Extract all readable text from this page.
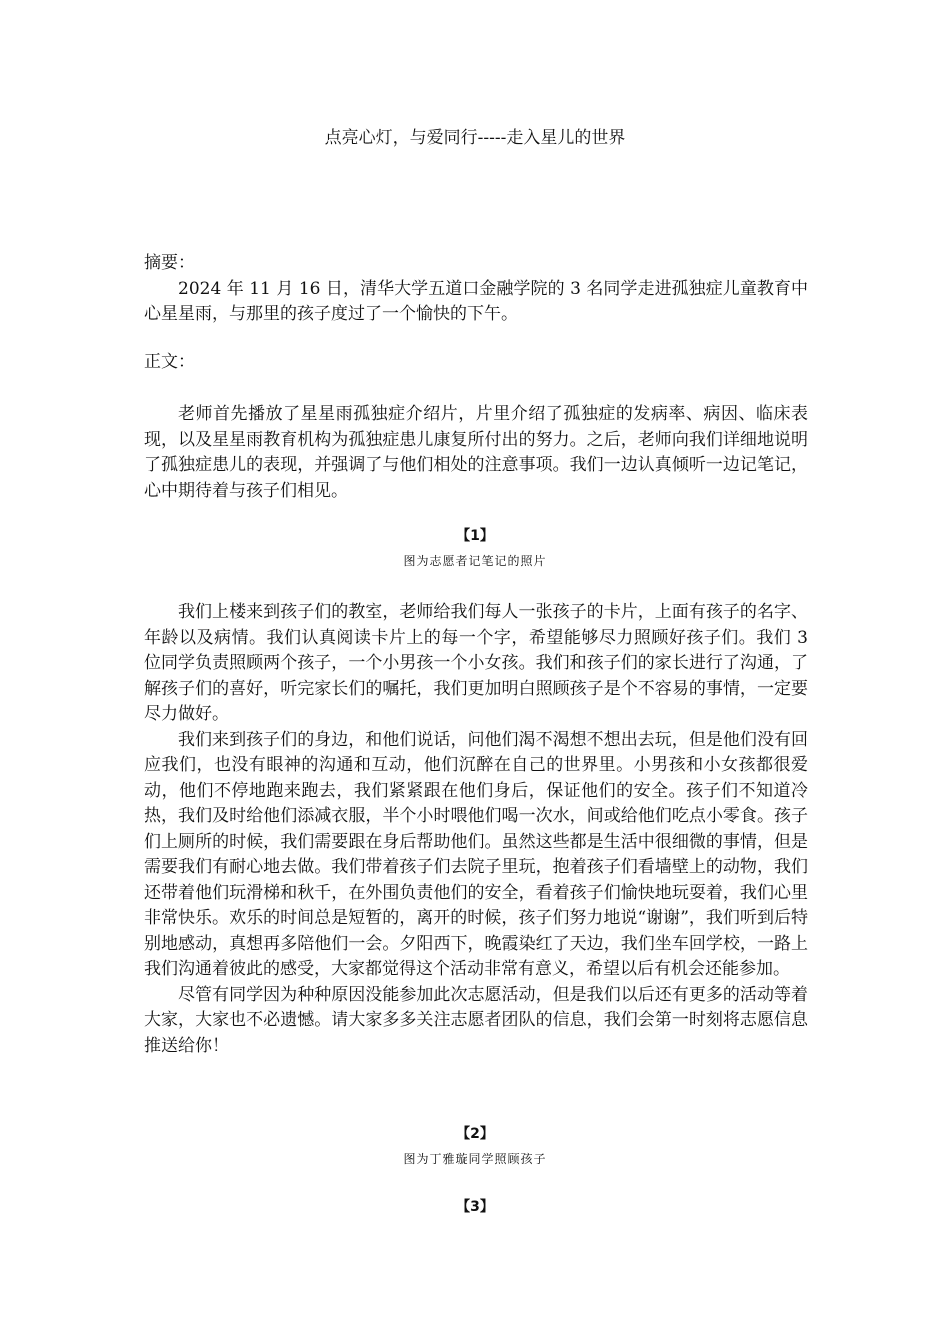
点亮心灯，与爱同行-----走入星儿的世界

摘要：

2024 年 11 月 16 日，清华大学五道口金融学院的 3 名同学走进孤独症儿童教育中心星星雨，与那里的孩子度过了一个愉快的下午。

正文：

老师首先播放了星星雨孤独症介绍片，片里介绍了孤独症的发病率、病因、临床表现，以及星星雨教育机构为孤独症患儿康复所付出的努力。之后，老师向我们详细地说明了孤独症患儿的表现，并强调了与他们相处的注意事项。我们一边认真倾听一边记笔记，心中期待着与孩子们相见。

【1】
图为志愿者记笔记的照片

我们上楼来到孩子们的教室，老师给我们每人一张孩子的卡片，上面有孩子的名字、年龄以及病情。我们认真阅读卡片上的每一个字，希望能够尽力照顾好孩子们。我们 3 位同学负责照顾两个孩子，一个小男孩一个小女孩。我们和孩子们的家长进行了沟通，了解孩子们的喜好，听完家长们的嘱托，我们更加明白照顾孩子是个不容易的事情，一定要尽力做好。

我们来到孩子们的身边，和他们说话，问他们渴不渴想不想出去玩，但是他们没有回应我们，也没有眼神的沟通和互动，他们沉醉在自己的世界里。小男孩和小女孩都很爱动，他们不停地跑来跑去，我们紧紧跟在他们身后，保证他们的安全。孩子们不知道冷热，我们及时给他们添减衣服，半个小时喂他们喝一次水，间或给他们吃点小零食。孩子们上厕所的时候，我们需要跟在身后帮助他们。虽然这些都是生活中很细微的事情，但是需要我们有耐心地去做。我们带着孩子们去院子里玩，抱着孩子们看墙壁上的动物，我们还带着他们玩滑梯和秋千，在外围负责他们的安全，看着孩子们愉快地玩耍着，我们心里非常快乐。欢乐的时间总是短暂的，离开的时候，孩子们努力地说“谢谢”，我们听到后特别地感动，真想再多陪他们一会。夕阳西下，晚霞染红了天边，我们坐车回学校，一路上我们沟通着彼此的感受，大家都觉得这个活动非常有意义，希望以后有机会还能参加。

尽管有同学因为种种原因没能参加此次志愿活动，但是我们以后还有更多的活动等着大家，大家也不必遗憾。请大家多多关注志愿者团队的信息，我们会第一时刻将志愿信息推送给你！

【2】
图为丁雅璇同学照顾孩子
【3】
